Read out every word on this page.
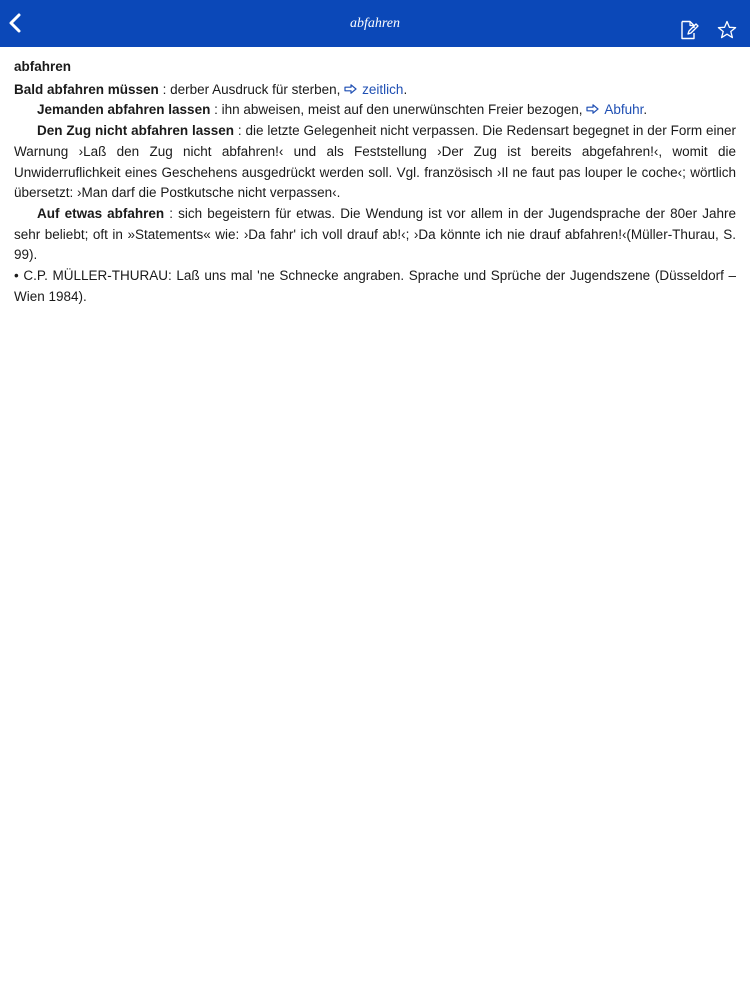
abfahren

abfahren

Bald abfahren müssen : derber Ausdruck für sterben, zeitlich.

Jemanden abfahren lassen : ihn abweisen, meist auf den unerwünschten Freier bezogen, Abfuhr.

Den Zug nicht abfahren lassen : die letzte Gelegenheit nicht verpassen. Die Redensart begegnet in der Form einer Warnung ›Laß den Zug nicht abfahren!‹ und als Feststellung ›Der Zug ist bereits abgefahren!‹, womit die Unwiderruflichkeit eines Geschehens ausgedrückt werden soll. Vgl. französisch ›Il ne faut pas louper le coche‹; wörtlich übersetzt: ›Man darf die Postkutsche nicht verpassen‹.

Auf etwas abfahren : sich begeistern für etwas. Die Wendung ist vor allem in der Jugendsprache der 80er Jahre sehr beliebt; oft in »Statements« wie: ›Da fahr' ich voll drauf ab!‹; ›Da könnte ich nie drauf abfahren!‹(Müller-Thurau, S. 99).

• C.P. MÜLLER-THURAU: Laß uns mal 'ne Schnecke angraben. Sprache und Sprüche der Jugendszene (Düsseldorf – Wien 1984).
